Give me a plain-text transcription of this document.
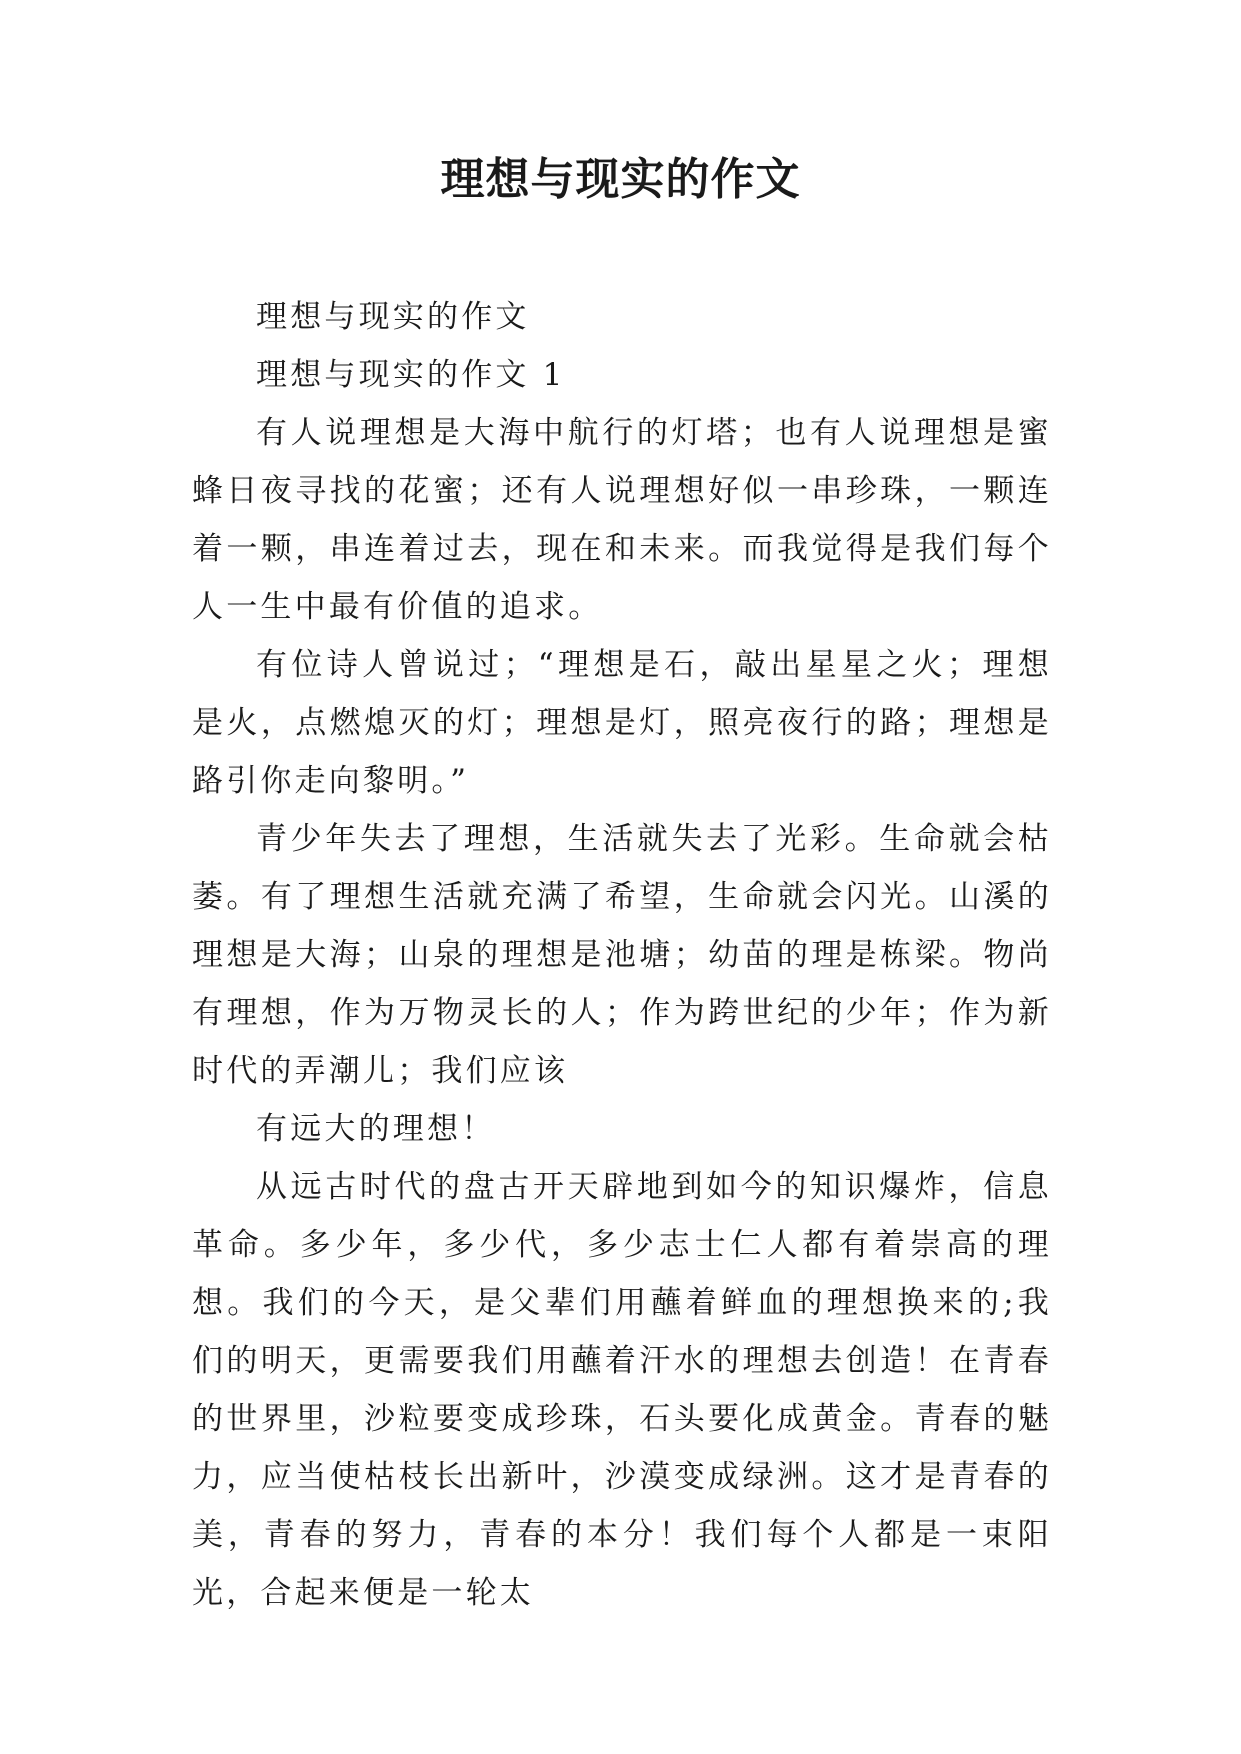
理想与现实的作文

理想与现实的作文

理想与现实的作文 1

有人说理想是大海中航行的灯塔；也有人说理想是蜜蜂日夜寻找的花蜜；还有人说理想好似一串珍珠，一颗连着一颗，串连着过去，现在和未来。而我觉得是我们每个人一生中最有价值的追求。

有位诗人曾说过；“理想是石，敲出星星之火；理想是火，点燃熄灭的灯；理想是灯，照亮夜行的路；理想是路引你走向黎明。”

青少年失去了理想，生活就失去了光彩。生命就会枯萎。有了理想生活就充满了希望，生命就会闪光。山溪的理想是大海；山泉的理想是池塘；幼苗的理是栋梁。物尚有理想，作为万物灵长的人；作为跨世纪的少年；作为新时代的弄潮儿；我们应该

有远大的理想！

从远古时代的盘古开天辟地到如今的知识爆炸，信息革命。多少年，多少代，多少志士仁人都有着崇高的理想。我们的今天，是父辈们用蘸着鲜血的理想换来的;我们的明天，更需要我们用蘸着汗水的理想去创造！在青春的世界里，沙粒要变成珍珠，石头要化成黄金。青春的魅力，应当使枯枝长出新叶，沙漠变成绿洲。这才是青春的美，青春的努力，青春的本分！我们每个人都是一束阳光，合起来便是一轮太
